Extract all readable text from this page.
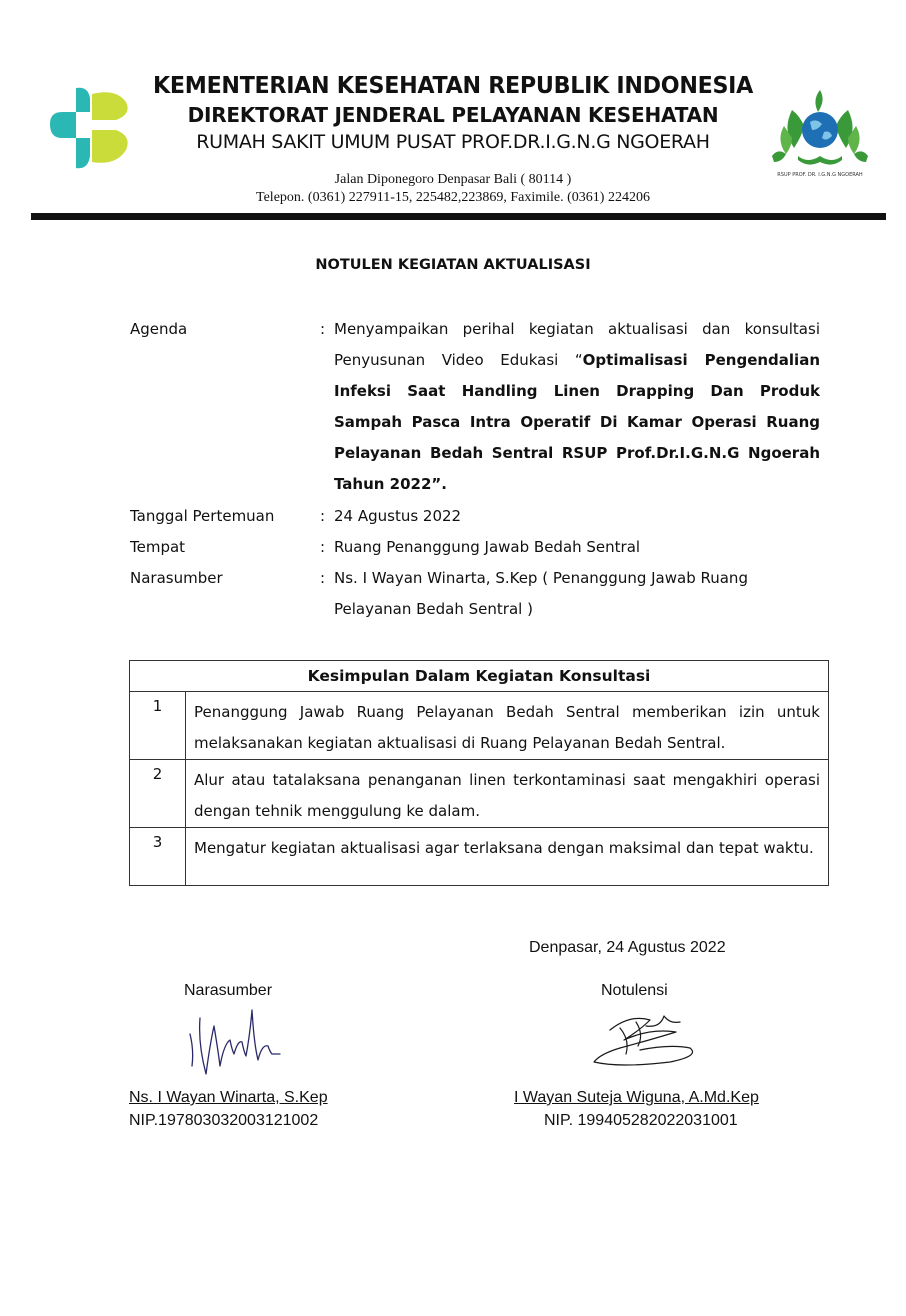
KEMENTERIAN KESEHATAN REPUBLIK INDONESIA
DIREKTORAT JENDERAL PELAYANAN KESEHATAN
RUMAH SAKIT UMUM PUSAT PROF.DR.I.G.N.G NGOERAH
Jalan Diponegoro Denpasar Bali ( 80114 )
Telepon. (0361) 227911-15, 225482,223869, Faximile. (0361) 224206
RSUP PROF. DR. I.G.N.G NGOERAH
NOTULEN KEGIATAN AKTUALISASI
Agenda	: Menyampaikan perihal kegiatan aktualisasi dan konsultasi
Penyusunan Video Edukasi “Optimalisasi Pengendalian
Infeksi Saat Handling Linen Drapping Dan Produk
Sampah Pasca Intra Operatif Di Kamar Operasi Ruang
Pelayanan Bedah Sentral RSUP Prof.Dr.I.G.N.G Ngoerah
Tahun 2022”.
Tanggal Pertemuan	: 24 Agustus 2022
Tempat	: Ruang Penanggung Jawab Bedah Sentral
Narasumber	: Ns. I Wayan Winarta, S.Kep ( Penanggung Jawab Ruang
Pelayanan Bedah Sentral )
Kesimpulan Dalam Kegiatan Konsultasi	
1	Penanggung Jawab Ruang Pelayanan Bedah Sentral memberikan izin untuk
melaksanakan kegiatan aktualisasi di Ruang Pelayanan Bedah Sentral.

2	Alur atau tatalaksana penanganan linen terkontaminasi saat mengakhiri operasi
dengan tehnik menggulung ke dalam.

3	Mengatur kegiatan aktualisasi agar terlaksana dengan maksimal dan tepat waktu.
Denpasar, 24 Agustus 2022
Narasumber	Notulensi
Ns. I Wayan Winarta, S.Kep
NIP.197803032003121002
I Wayan Suteja Wiguna, A.Md.Kep
NIP. 199405282022031001
